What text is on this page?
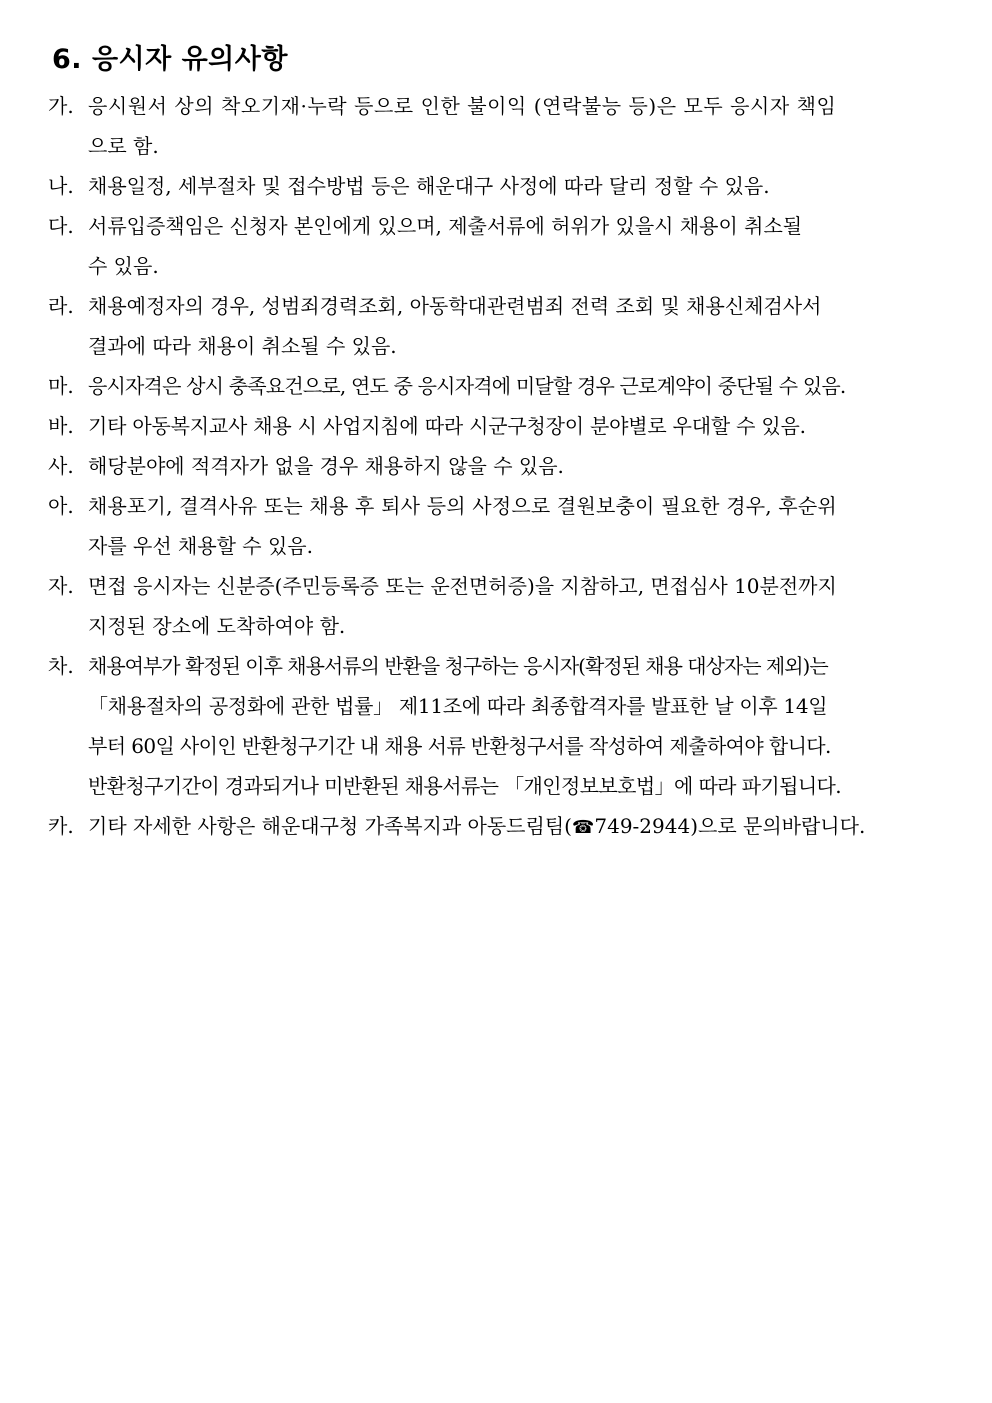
6. 응시자 유의사항
가. 응시원서 상의 착오기재·누락 등으로 인한 불이익 (연락불능 등)은 모두 응시자 책임
으로 함.
나. 채용일정, 세부절차 및 접수방법 등은 해운대구 사정에 따라 달리 정할 수 있음.
다. 서류입증책임은 신청자 본인에게 있으며, 제출서류에 허위가 있을시 채용이 취소될
수 있음.
라. 채용예정자의 경우, 성범죄경력조회, 아동학대관련범죄 전력 조회 및 채용신체검사서
결과에 따라 채용이 취소될 수 있음.
마. 응시자격은 상시 충족요건으로, 연도 중 응시자격에 미달할 경우 근로계약이 중단될 수 있음.
바. 기타 아동복지교사 채용 시 사업지침에 따라 시군구청장이 분야별로 우대할 수 있음.
사. 해당분야에 적격자가 없을 경우 채용하지 않을 수 있음.
아. 채용포기, 결격사유 또는 채용 후 퇴사 등의 사정으로 결원보충이 필요한 경우, 후순위
자를 우선 채용할 수 있음.
자. 면접 응시자는 신분증(주민등록증 또는 운전면허증)을 지참하고, 면접심사 10분전까지
지정된 장소에 도착하여야 함.
차. 채용여부가 확정된 이후 채용서류의 반환을 청구하는 응시자(확정된 채용 대상자는 제외)는
「채용절차의 공정화에 관한 법률」 제11조에 따라 최종합격자를 발표한 날 이후 14일
부터 60일 사이인 반환청구기간 내 채용 서류 반환청구서를 작성하여 제출하여야 합니다.
반환청구기간이 경과되거나 미반환된 채용서류는 「개인정보보호법」에 따라 파기됩니다.
카. 기타 자세한 사항은 해운대구청 가족복지과 아동드림팀(☎749-2944)으로 문의바랍니다.
